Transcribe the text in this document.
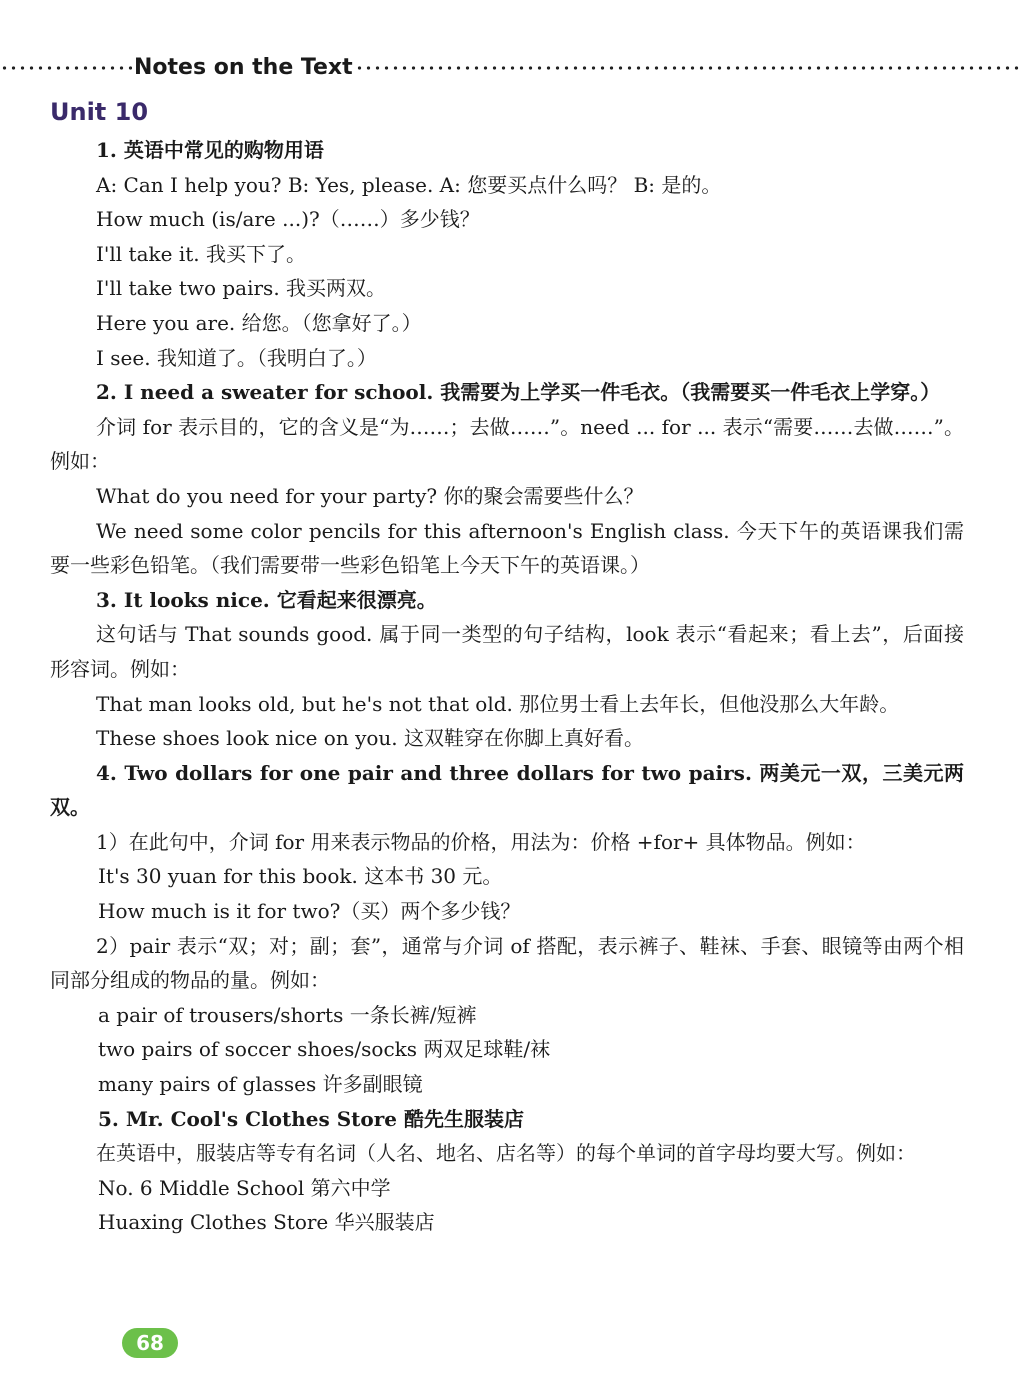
Notes on the Text
Unit 10

1. 英语中常见的购物用语

A: Can I help you? B: Yes, please. A: 您要买点什么吗？ B: 是的。

How much (is/are ...)?（……）多少钱？

I'll take it. 我买下了。

I'll take two pairs. 我买两双。

Here you are. 给您。（您拿好了。）

I see. 我知道了。（我明白了。）

2. I need a sweater for school. 我需要为上学买一件毛衣。（我需要买一件毛衣上学穿。）

介词 for 表示目的，它的含义是“为……；去做……”。need ... for ... 表示“需要……去做……”。例如：

What do you need for your party? 你的聚会需要些什么？

We need some color pencils for this afternoon's English class. 今天下午的英语课我们需要一些彩色铅笔。（我们需要带一些彩色铅笔上今天下午的英语课。）

3. It looks nice. 它看起来很漂亮。

这句话与 That sounds good. 属于同一类型的句子结构，look 表示“看起来；看上去”，后面接形容词。例如：

That man looks old, but he's not that old. 那位男士看上去年长，但他没那么大年龄。

These shoes look nice on you. 这双鞋穿在你脚上真好看。

4. Two dollars for one pair and three dollars for two pairs. 两美元一双，三美元两双。

1）在此句中，介词 for 用来表示物品的价格，用法为：价格 +for+ 具体物品。例如：

It's 30 yuan for this book. 这本书 30 元。

How much is it for two?（买）两个多少钱？

2）pair 表示“双；对；副；套”，通常与介词 of 搭配，表示裤子、鞋袜、手套、眼镜等由两个相同部分组成的物品的量。例如：

a pair of trousers/shorts 一条长裤/短裤

two pairs of soccer shoes/socks 两双足球鞋/袜

many pairs of glasses 许多副眼镜

5. Mr. Cool's Clothes Store 酷先生服装店

在英语中，服装店等专有名词（人名、地名、店名等）的每个单词的首字母均要大写。例如：

No. 6 Middle School 第六中学

Huaxing Clothes Store 华兴服装店

68
